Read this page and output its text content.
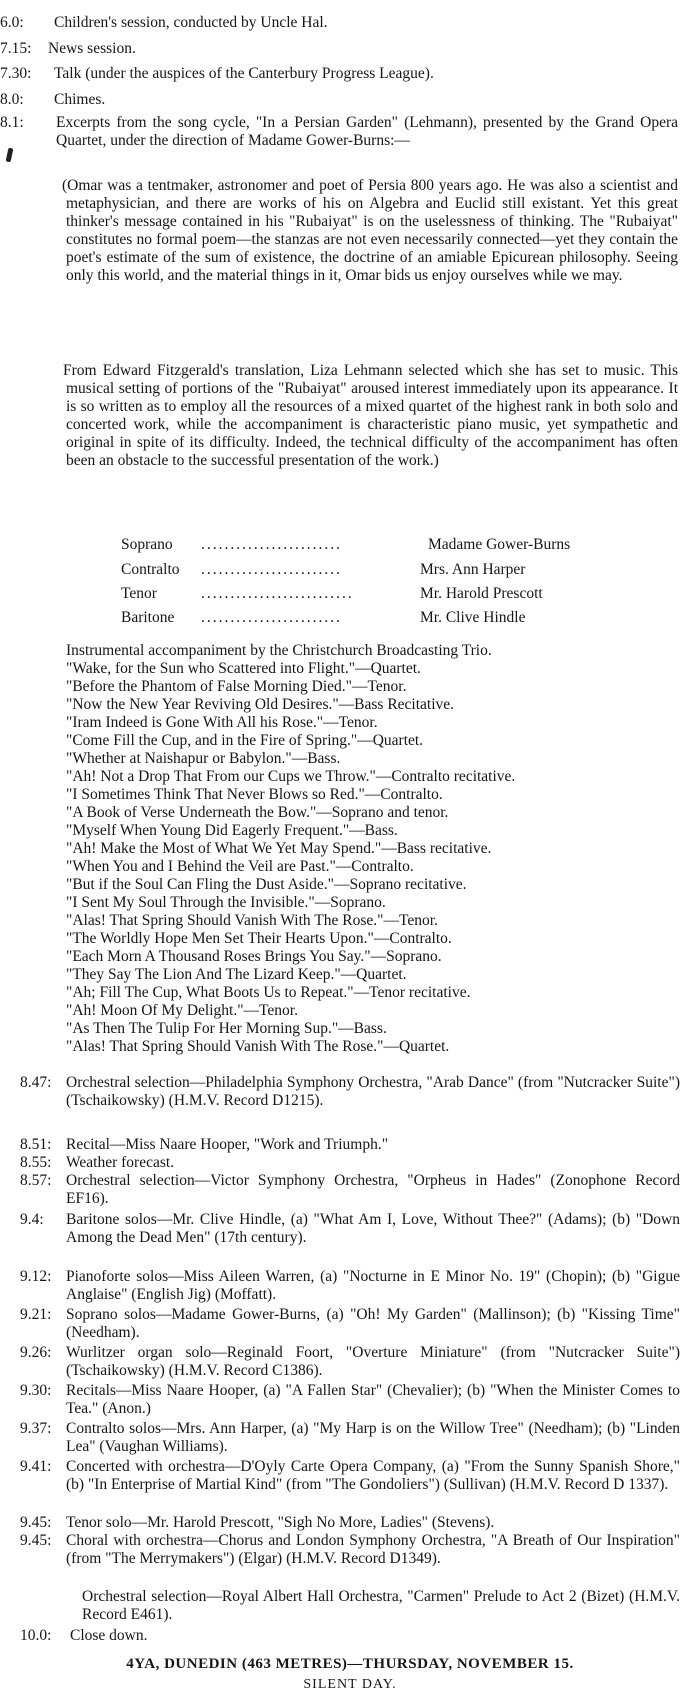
6.0: Children's session, conducted by Uncle Hal.
7.15: News session.
7.30: Talk (under the auspices of the Canterbury Progress League).
8.0: Chimes.
8.1: Excerpts from the song cycle, "In a Persian Garden" (Lehmann), presented by the Grand Opera Quartet, under the direction of Madame Gower-Burns:—
(Omar was a tentmaker, astronomer and poet of Persia 800 years ago. He was also a scientist and metaphysician, and there are works of his on Algebra and Euclid still existant. Yet this great thinker's message contained in his "Rubaiyat" is on the uselessness of thinking. The "Rubaiyat" constitutes no formal poem—the stanzas are not even necessarily connected—yet they contain the poet's estimate of the sum of existence, the doctrine of an amiable Epicurean philosophy. Seeing only this world, and the material things in it, Omar bids us enjoy ourselves while we may.
From Edward Fitzgerald's translation, Liza Lehmann selected which she has set to music. This musical setting of portions of the "Rubaiyat" aroused interest immediately upon its appearance. It is so written as to employ all the resources of a mixed quartet of the highest rank in both solo and concerted work, while the accompaniment is characteristic piano music, yet sympathetic and original in spite of its difficulty. Indeed, the technical difficulty of the accompaniment has often been an obstacle to the successful presentation of the work.)
Soprano ........................	Madame Gower-Burns
Contralto ........................	Mrs. Ann Harper
Tenor	..........................	Mr. Harold Prescott
Baritone ........................	Mr. Clive Hindle
Instrumental accompaniment by the Christchurch Broadcasting Trio.
"Wake, for the Sun who Scattered into Flight."—Quartet.
"Before the Phantom of False Morning Died."—Tenor.
"Now the New Year Reviving Old Desires."—Bass Recitative.
"Iram Indeed is Gone With All his Rose."—Tenor.
"Come Fill the Cup, and in the Fire of Spring."—Quartet.
"Whether at Naishapur or Babylon."—Bass.
"Ah! Not a Drop That From our Cups we Throw."—Contralto recitative.
"I Sometimes Think That Never Blows so Red."—Contralto.
"A Book of Verse Underneath the Bow."—Soprano and tenor.
"Myself When Young Did Eagerly Frequent."—Bass.
"Ah! Make the Most of What We Yet May Spend."—Bass recitative.
"When You and I Behind the Veil are Past."—Contralto.
"But if the Soul Can Fling the Dust Aside."—Soprano recitative.
"I Sent My Soul Through the Invisible."—Soprano.
"Alas! That Spring Should Vanish With The Rose."—Tenor.
"The Worldly Hope Men Set Their Hearts Upon."—Contralto.
"Each Morn A Thousand Roses Brings You Say."—Soprano.
"They Say The Lion And The Lizard Keep."—Quartet.
"Ah; Fill The Cup, What Boots Us to Repeat."—Tenor recitative.
"Ah! Moon Of My Delight."—Tenor.
"As Then The Tulip For Her Morning Sup."—Bass.
"Alas! That Spring Should Vanish With The Rose."—Quartet.
8.47: Orchestral selection—Philadelphia Symphony Orchestra, "Arab Dance" (from "Nutcracker Suite") (Tschaikowsky) (H.M.V. Record D1215).
8.51: Recital—Miss Naare Hooper, "Work and Triumph."
8.55: Weather forecast.
8.57: Orchestral selection—Victor Symphony Orchestra, "Orpheus in Hades" (Zonophone Record EF16).
9.4: Baritone solos—Mr. Clive Hindle, (a) "What Am I, Love, Without Thee?" (Adams); (b) "Down Among the Dead Men" (17th century).
9.12: Pianoforte solos—Miss Aileen Warren, (a) "Nocturne in E Minor No. 19" (Chopin); (b) "Gigue Anglaise" (English Jig) (Moffatt).
9.21: Soprano solos—Madame Gower-Burns, (a) "Oh! My Garden" (Mallinson); (b) "Kissing Time" (Needham).
9.26: Wurlitzer organ solo—Reginald Foort, "Overture Miniature" (from "Nutcracker Suite") (Tschaikowsky) (H.M.V. Record C1386).
9.30: Recitals—Miss Naare Hooper, (a) "A Fallen Star" (Chevalier); (b) "When the Minister Comes to Tea." (Anon.)
9.37: Contralto solos—Mrs. Ann Harper, (a) "My Harp is on the Willow Tree" (Needham); (b) "Linden Lea" (Vaughan Williams).
9.41: Concerted with orchestra—D'Oyly Carte Opera Company, (a) "From the Sunny Spanish Shore," (b) "In Enterprise of Martial Kind" (from "The Gondoliers") (Sullivan) (H.M.V. Record D 1337).
9.45: Tenor solo—Mr. Harold Prescott, "Sigh No More, Ladies" (Stevens).
9.45: Choral with orchestra—Chorus and London Symphony Orchestra, "A Breath of Our Inspiration" (from "The Merrymakers") (Elgar) (H.M.V. Record D1349).
Orchestral selection—Royal Albert Hall Orchestra, "Carmen" Prelude to Act 2 (Bizet) (H.M.V. Record E461).
10.0: Close down.
4YA, DUNEDIN (463 METRES)—THURSDAY, NOVEMBER 15.
SILENT DAY.
